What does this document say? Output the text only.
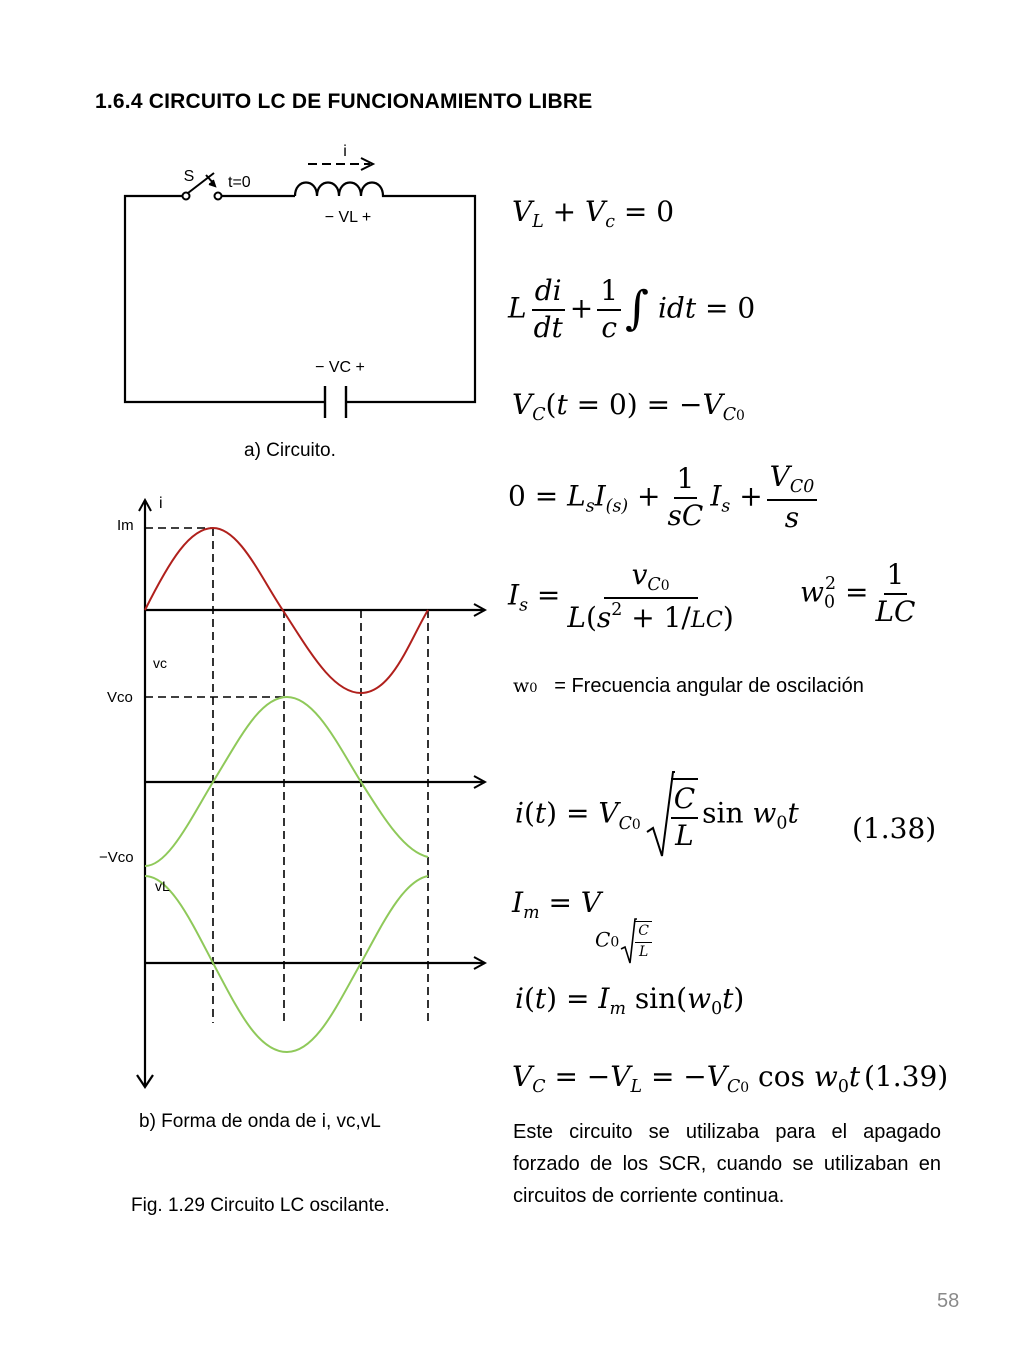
1.6.4 CIRCUITO LC DE FUNCIONAMIENTO LIBRE
i
S t=0
− VL +
− VC +
a) Circuito.
i
Im
vc
Vco
−Vco
vL
b) Forma de onda de i, vc,vL
Fig. 1.29 Circuito LC oscilante.
$V_L + V_c = 0$
L $\frac{di}{dt} + \frac{1}{c}$ ∫ idt = 0
$V_C(t = 0) = -V_{C0}$
$0 = L_sI_{(s)} + \frac{1}{sC} I_s + \frac{V_{C0}}{s}$
$I_s = \frac{v_{C0}}{L(s^2 + 1/LC)} w_0^2 = \frac{1}{LC}$
w0 = Frecuencia angular de oscilación
$i(t) = V_{C0} \frac{C}{L}$ $\sin w_0t$ (1.38)
$I_m = VC0 \frac{C}{L}$
$i(t) = I_m$ $\sin(w_0t)$
$V_C = -V_L = -V_{C0}$ $\cos w_0t$ (1.39)
Este circuito se utilizaba para el apagado forzado de los SCR, cuando se utilizaban en circuitos de corriente continua.
58
